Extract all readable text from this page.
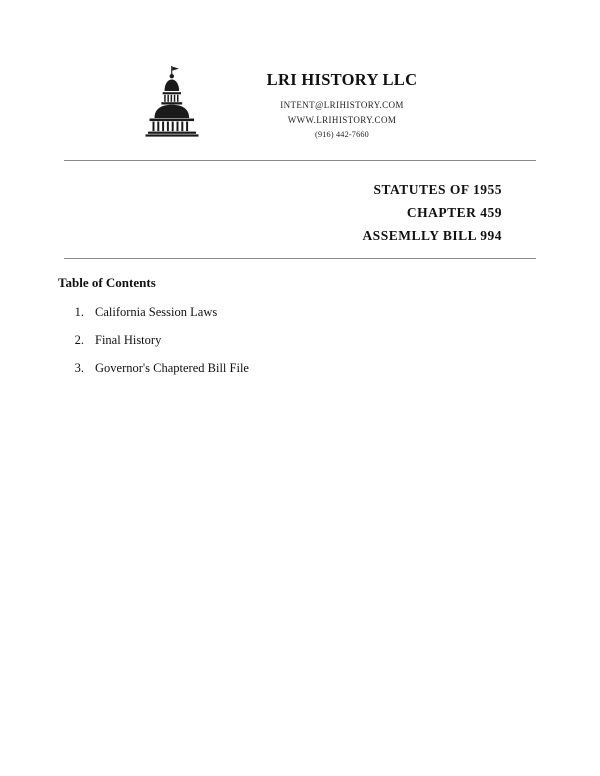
LRI HISTORY LLC
INTENT@LRIHISTORY.COM
WWW.LRIHISTORY.COM
(916) 442-7660
STATUTES OF 1955
CHAPTER 459
ASSEMLLY BILL 994
Table of Contents
1. California Session Laws
2. Final History
3. Governor's Chaptered Bill File
